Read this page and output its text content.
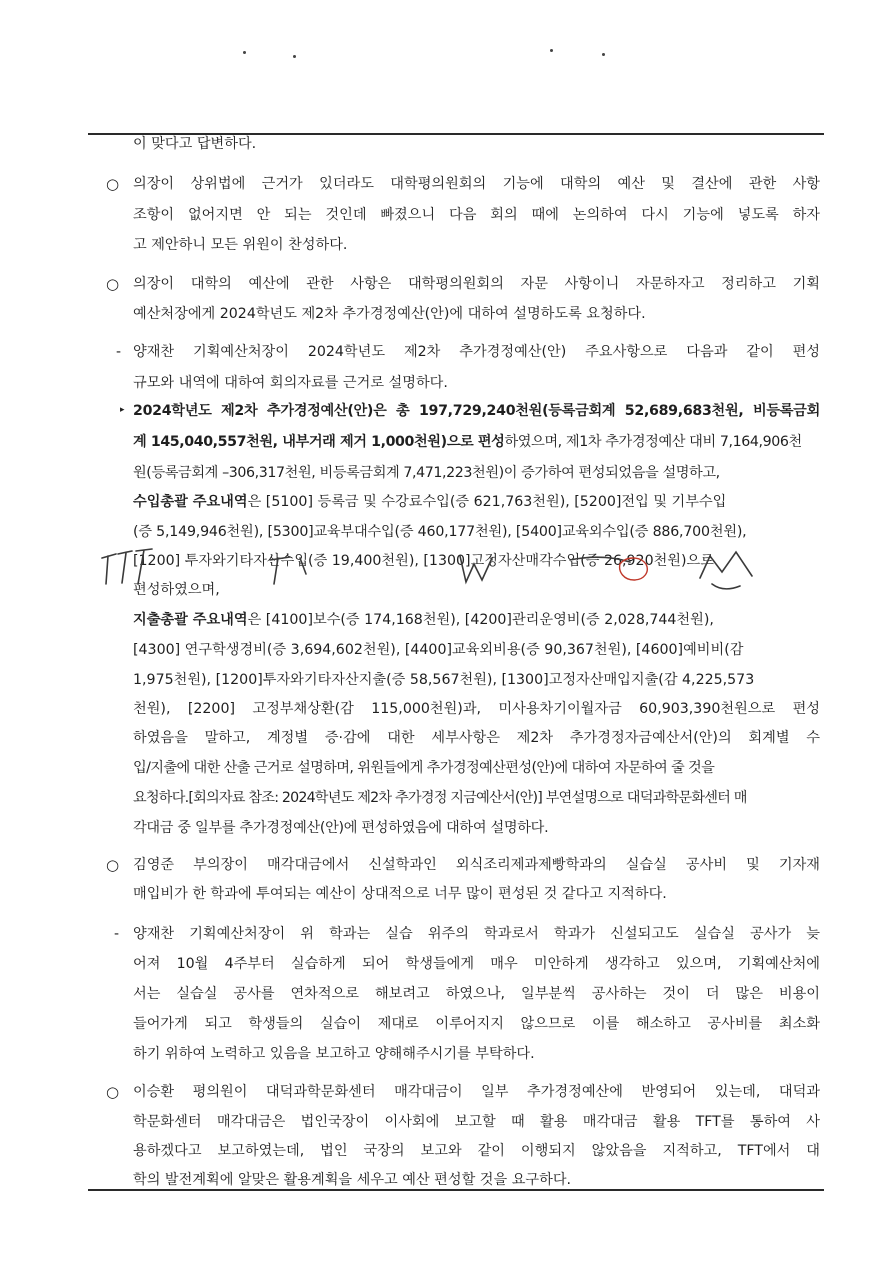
이 맞다고 답변하다.
○ 의장이 상위법에 근거가 있더라도 대학평의원회의 기능에 대학의 예산 및 결산에 관한 사항
조항이 없어지면 안 되는 것인데 빠졌으니 다음 회의 때에 논의하여 다시 기능에 넣도록 하자
고 제안하니 모든 위원이 찬성하다.
○ 의장이 대학의 예산에 관한 사항은 대학평의원회의 자문 사항이니 자문하자고 정리하고 기획
예산처장에게 2024학년도 제2차 추가경정예산(안)에 대하여 설명하도록 요청하다.
- 양재찬 기획예산처장이 2024학년도 제2차 추가경정예산(안) 주요사항으로 다음과 같이 편성
규모와 내역에 대하여 회의자료를 근거로 설명하다.
▸ 2024학년도 제2차 추가경정예산(안)은 총 197,729,240천원(등록금회계 52,689,683천원, 비등록금회
계 145,040,557천원, 내부거래 제거 1,000천원)으로 편성하였으며, 제1차 추가경정예산 대비 7,164,906천
원(등록금회계 –306,317천원, 비등록금회계 7,471,223천원)이 증가하여 편성되었음을 설명하고,
수입총괄 주요내역은 [5100] 등록금 및 수강료수입(증 621,763천원), [5200]전입 및 기부수입
(증 5,149,946천원), [5300]교육부대수입(증 460,177천원), [5400]교육외수입(증 886,700천원),
[1200] 투자와기타자산수입(증 19,400천원), [1300]고정자산매각수입(증 26,920천원)으로
편성하였으며,
지출총괄 주요내역은 [4100]보수(증 174,168천원), [4200]관리운영비(증 2,028,744천원),
[4300] 연구학생경비(증 3,694,602천원), [4400]교육외비용(증 90,367천원), [4600]예비비(감
1,975천원), [1200]투자와기타자산지출(증 58,567천원), [1300]고정자산매입지출(감 4,225,573
천원), [2200] 고정부채상환(감 115,000천원)과, 미사용차기이월자금 60,903,390천원으로 편성
하였음을 말하고, 계정별 증·감에 대한 세부사항은 제2차 추가경정자금예산서(안)의 회계별 수
입/지출에 대한 산출 근거로 설명하며, 위원들에게 추가경정예산편성(안)에 대하여 자문하여 줄 것을
요청하다.[회의자료 참조: 2024학년도 제2차 추가경정 지금예산서(안)] 부연설명으로 대덕과학문화센터 매
각대금 중 일부를 추가경정예산(안)에 편성하였음에 대하여 설명하다.
○ 김영준 부의장이 매각대금에서 신설학과인 외식조리제과제빵학과의 실습실 공사비 및 기자재
매입비가 한 학과에 투여되는 예산이 상대적으로 너무 많이 편성된 것 같다고 지적하다.
- 양재찬 기획예산처장이 위 학과는 실습 위주의 학과로서 학과가 신설되고도 실습실 공사가 늦
어져 10월 4주부터 실습하게 되어 학생들에게 매우 미안하게 생각하고 있으며, 기획예산처에
서는 실습실 공사를 연차적으로 해보려고 하였으나, 일부분씩 공사하는 것이 더 많은 비용이
들어가게 되고 학생들의 실습이 제대로 이루어지지 않으므로 이를 해소하고 공사비를 최소화
하기 위하여 노력하고 있음을 보고하고 양해해주시기를 부탁하다.
○ 이승환 평의원이 대덕과학문화센터 매각대금이 일부 추가경정예산에 반영되어 있는데, 대덕과
학문화센터 매각대금은 법인국장이 이사회에 보고할 때 활용 매각대금 활용 TFT를 통하여 사
용하겠다고 보고하였는데, 법인 국장의 보고와 같이 이행되지 않았음을 지적하고, TFT에서 대
학의 발전계획에 알맞은 활용계획을 세우고 예산 편성할 것을 요구하다.
